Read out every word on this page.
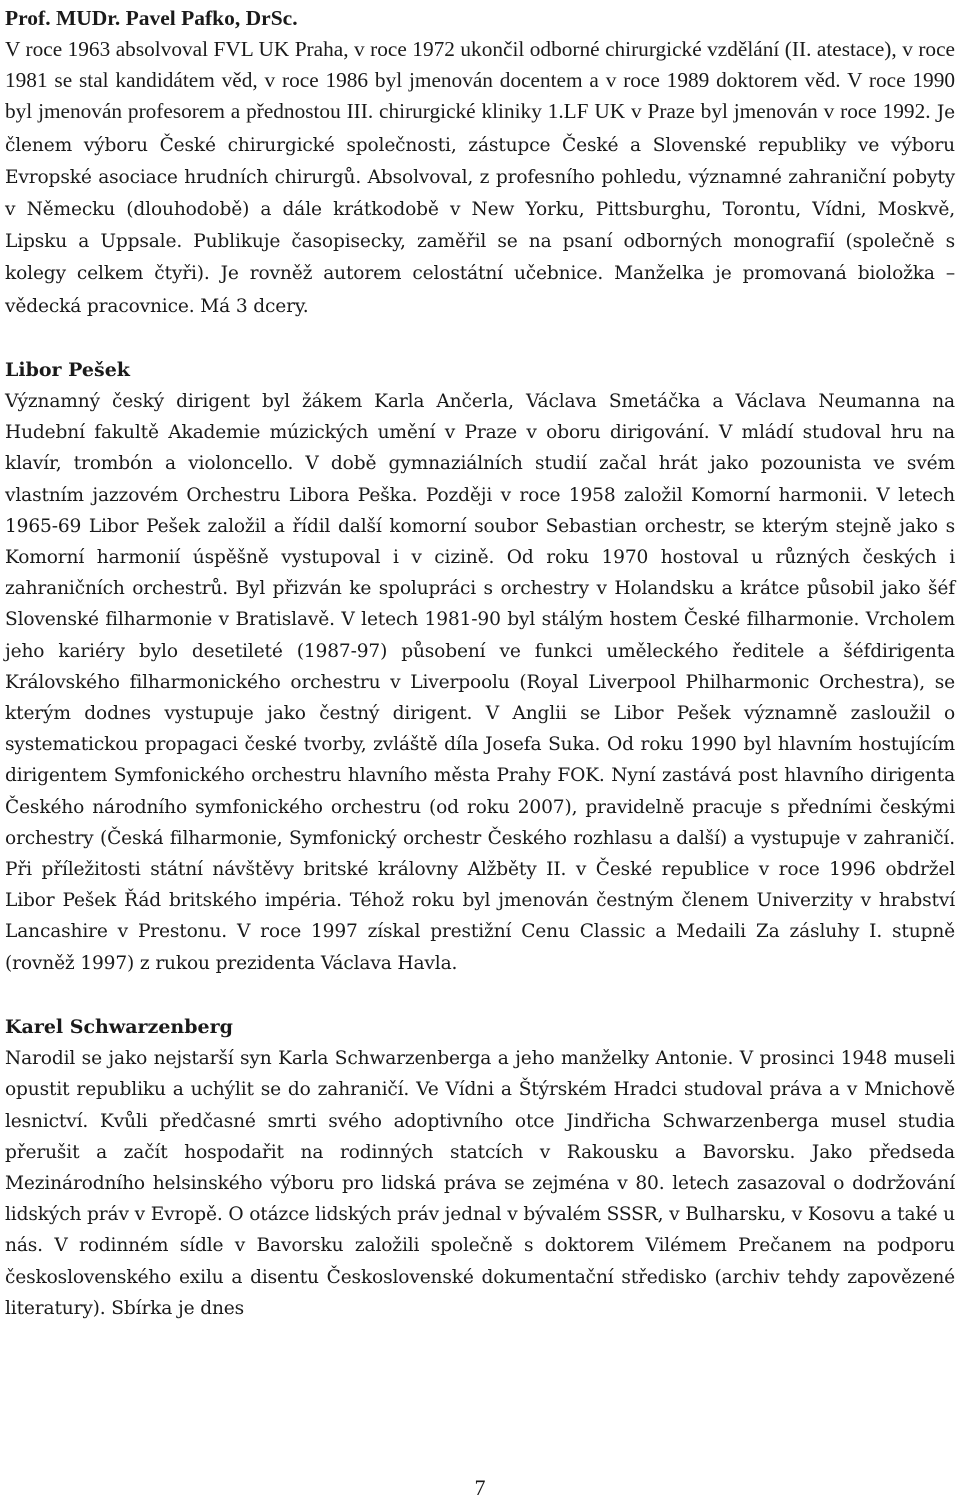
Prof. MUDr. Pavel Pafko, DrSc.

V roce 1963 absolvoval FVL UK Praha, v roce 1972 ukončil odborné chirurgické vzdělání (II. atestace), v roce 1981 se stal kandidátem věd, v roce 1986 byl jmenován docentem a v roce 1989 doktorem věd. V roce 1990 byl jmenován profesorem a přednostou III. chirurgické kliniky 1.LF UK v Praze byl jmenován v roce 1992. Je členem výboru České chirurgické společnosti, zástupce České a Slovenské republiky ve výboru Evropské asociace hrudních chirurgů. Absolvoval, z profesního pohledu, významné zahraniční pobyty v Německu (dlouhodobě) a dále krátkodobě v New Yorku, Pittsburghu, Torontu, Vídni, Moskvě, Lipsku a Uppsale. Publikuje časopisecky, zaměřil se na psaní odborných monografií (společně s kolegy celkem čtyři). Je rovněž autorem celostátní učebnice. Manželka je promovaná bioložka – vědecká pracovnice. Má 3 dcery.

Libor Pešek

Významný český dirigent byl žákem Karla Ančerla, Václava Smetáčka a Václava Neumanna na Hudební fakultě Akademie múzických umění v Praze v oboru dirigování. V mládí studoval hru na klavír, trombón a violoncello. V době gymnaziálních studií začal hrát jako pozounista ve svém vlastním jazzovém Orchestru Libora Peška. Později v roce 1958 založil Komorní harmonii. V letech 1965-69 Libor Pešek založil a řídil další komorní soubor Sebastian orchestr, se kterým stejně jako s Komorní harmonií úspěšně vystupoval i v cizině. Od roku 1970 hostoval u různých českých i zahraničních orchestrů. Byl přizván ke spolupráci s orchestry v Holandsku a krátce působil jako šéf Slovenské filharmonie v Bratislavě. V letech 1981-90 byl stálým hostem České filharmonie. Vrcholem jeho kariéry bylo desetileté (1987-97) působení ve funkci uměleckého ředitele a šéfdirigenta Královského filharmonického orchestru v Liverpoolu (Royal Liverpool Philharmonic Orchestra), se kterým dodnes vystupuje jako čestný dirigent. V Anglii se Libor Pešek významně zasloužil o systematickou propagaci české tvorby, zvláště díla Josefa Suka. Od roku 1990 byl hlavním hostujícím dirigentem Symfonického orchestru hlavního města Prahy FOK. Nyní zastává post hlavního dirigenta Českého národního symfonického orchestru (od roku 2007), pravidelně pracuje s předními českými orchestry (Česká filharmonie, Symfonický orchestr Českého rozhlasu a další) a vystupuje v zahraničí. Při příležitosti státní návštěvy britské královny Alžběty II. v České republice v roce 1996 obdržel Libor Pešek Řád britského impéria. Téhož roku byl jmenován čestným členem Univerzity v hrabství Lancashire v Prestonu. V roce 1997 získal prestižní Cenu Classic a Medaili Za zásluhy I. stupně (rovněž 1997) z rukou prezidenta Václava Havla.

Karel Schwarzenberg

Narodil se jako nejstarší syn Karla Schwarzenberga a jeho manželky Antonie. V prosinci 1948 museli opustit republiku a uchýlit se do zahraničí. Ve Vídni a Štýrském Hradci studoval práva a v Mnichově lesnictví. Kvůli předčasné smrti svého adoptivního otce Jindřicha Schwarzenberga musel studia přerušit a začít hospodařit na rodinných statcích v Rakousku a Bavorsku. Jako předseda Mezinárodního helsinského výboru pro lidská práva se zejména v 80. letech zasazoval o dodržování lidských práv v Evropě. O otázce lidských práv jednal v bývalém SSSR, v Bulharsku, v Kosovu a také u nás. V rodinném sídle v Bavorsku založili společně s doktorem Vilémem Prečanem na podporu československého exilu a disentu Československé dokumentační středisko (archiv tehdy zapovězené literatury). Sbírka je dnes

7
